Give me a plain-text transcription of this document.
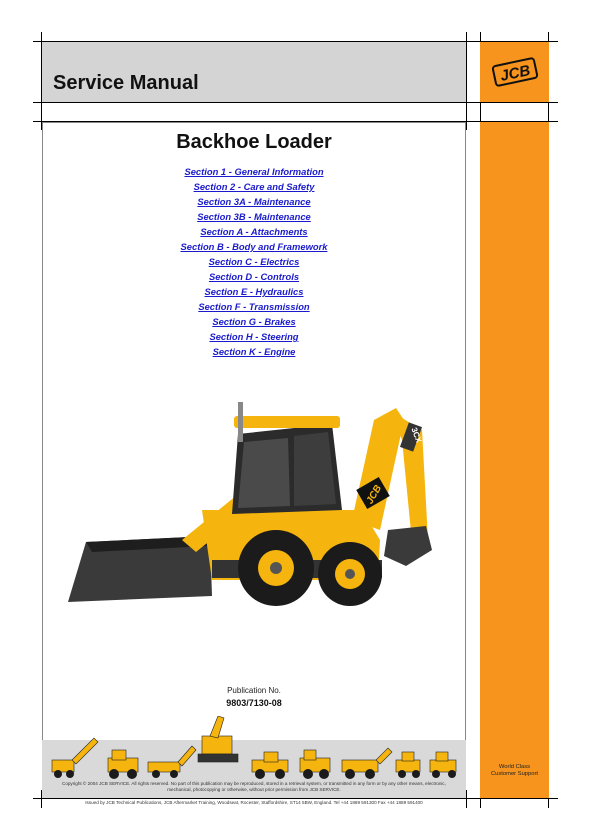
Service Manual	JCB
Backhoe Loader
Section 1 - General Information
Section 2 - Care and Safety
Section 3A - Maintenance
Section 3B - Maintenance
Section A - Attachments
Section B - Body and Framework
Section C - Electrics
Section D - Controls
Section E - Hydraulics
Section F - Transmission
Section G - Brakes
Section H - Steering
Section K - Engine
3CX
JCB
Publication No.
9803/7130-08
Copyright © 2004 JCB SERVICE. All rights reserved. No part of this publication may be reproduced, stored in a retrieval system, or transmitted in any form or by any other means, electronic, mechanical, photocopying or otherwise, without prior permission from JCB SERVICE.
Issued by JCB Technical Publications, JCB Aftermarket Training, Woodseat, Rocester, Staffordshire, ST14 5BW, England. Tel +44 1889 591300 Fax +44 1889 591400
World Class
Customer Support
